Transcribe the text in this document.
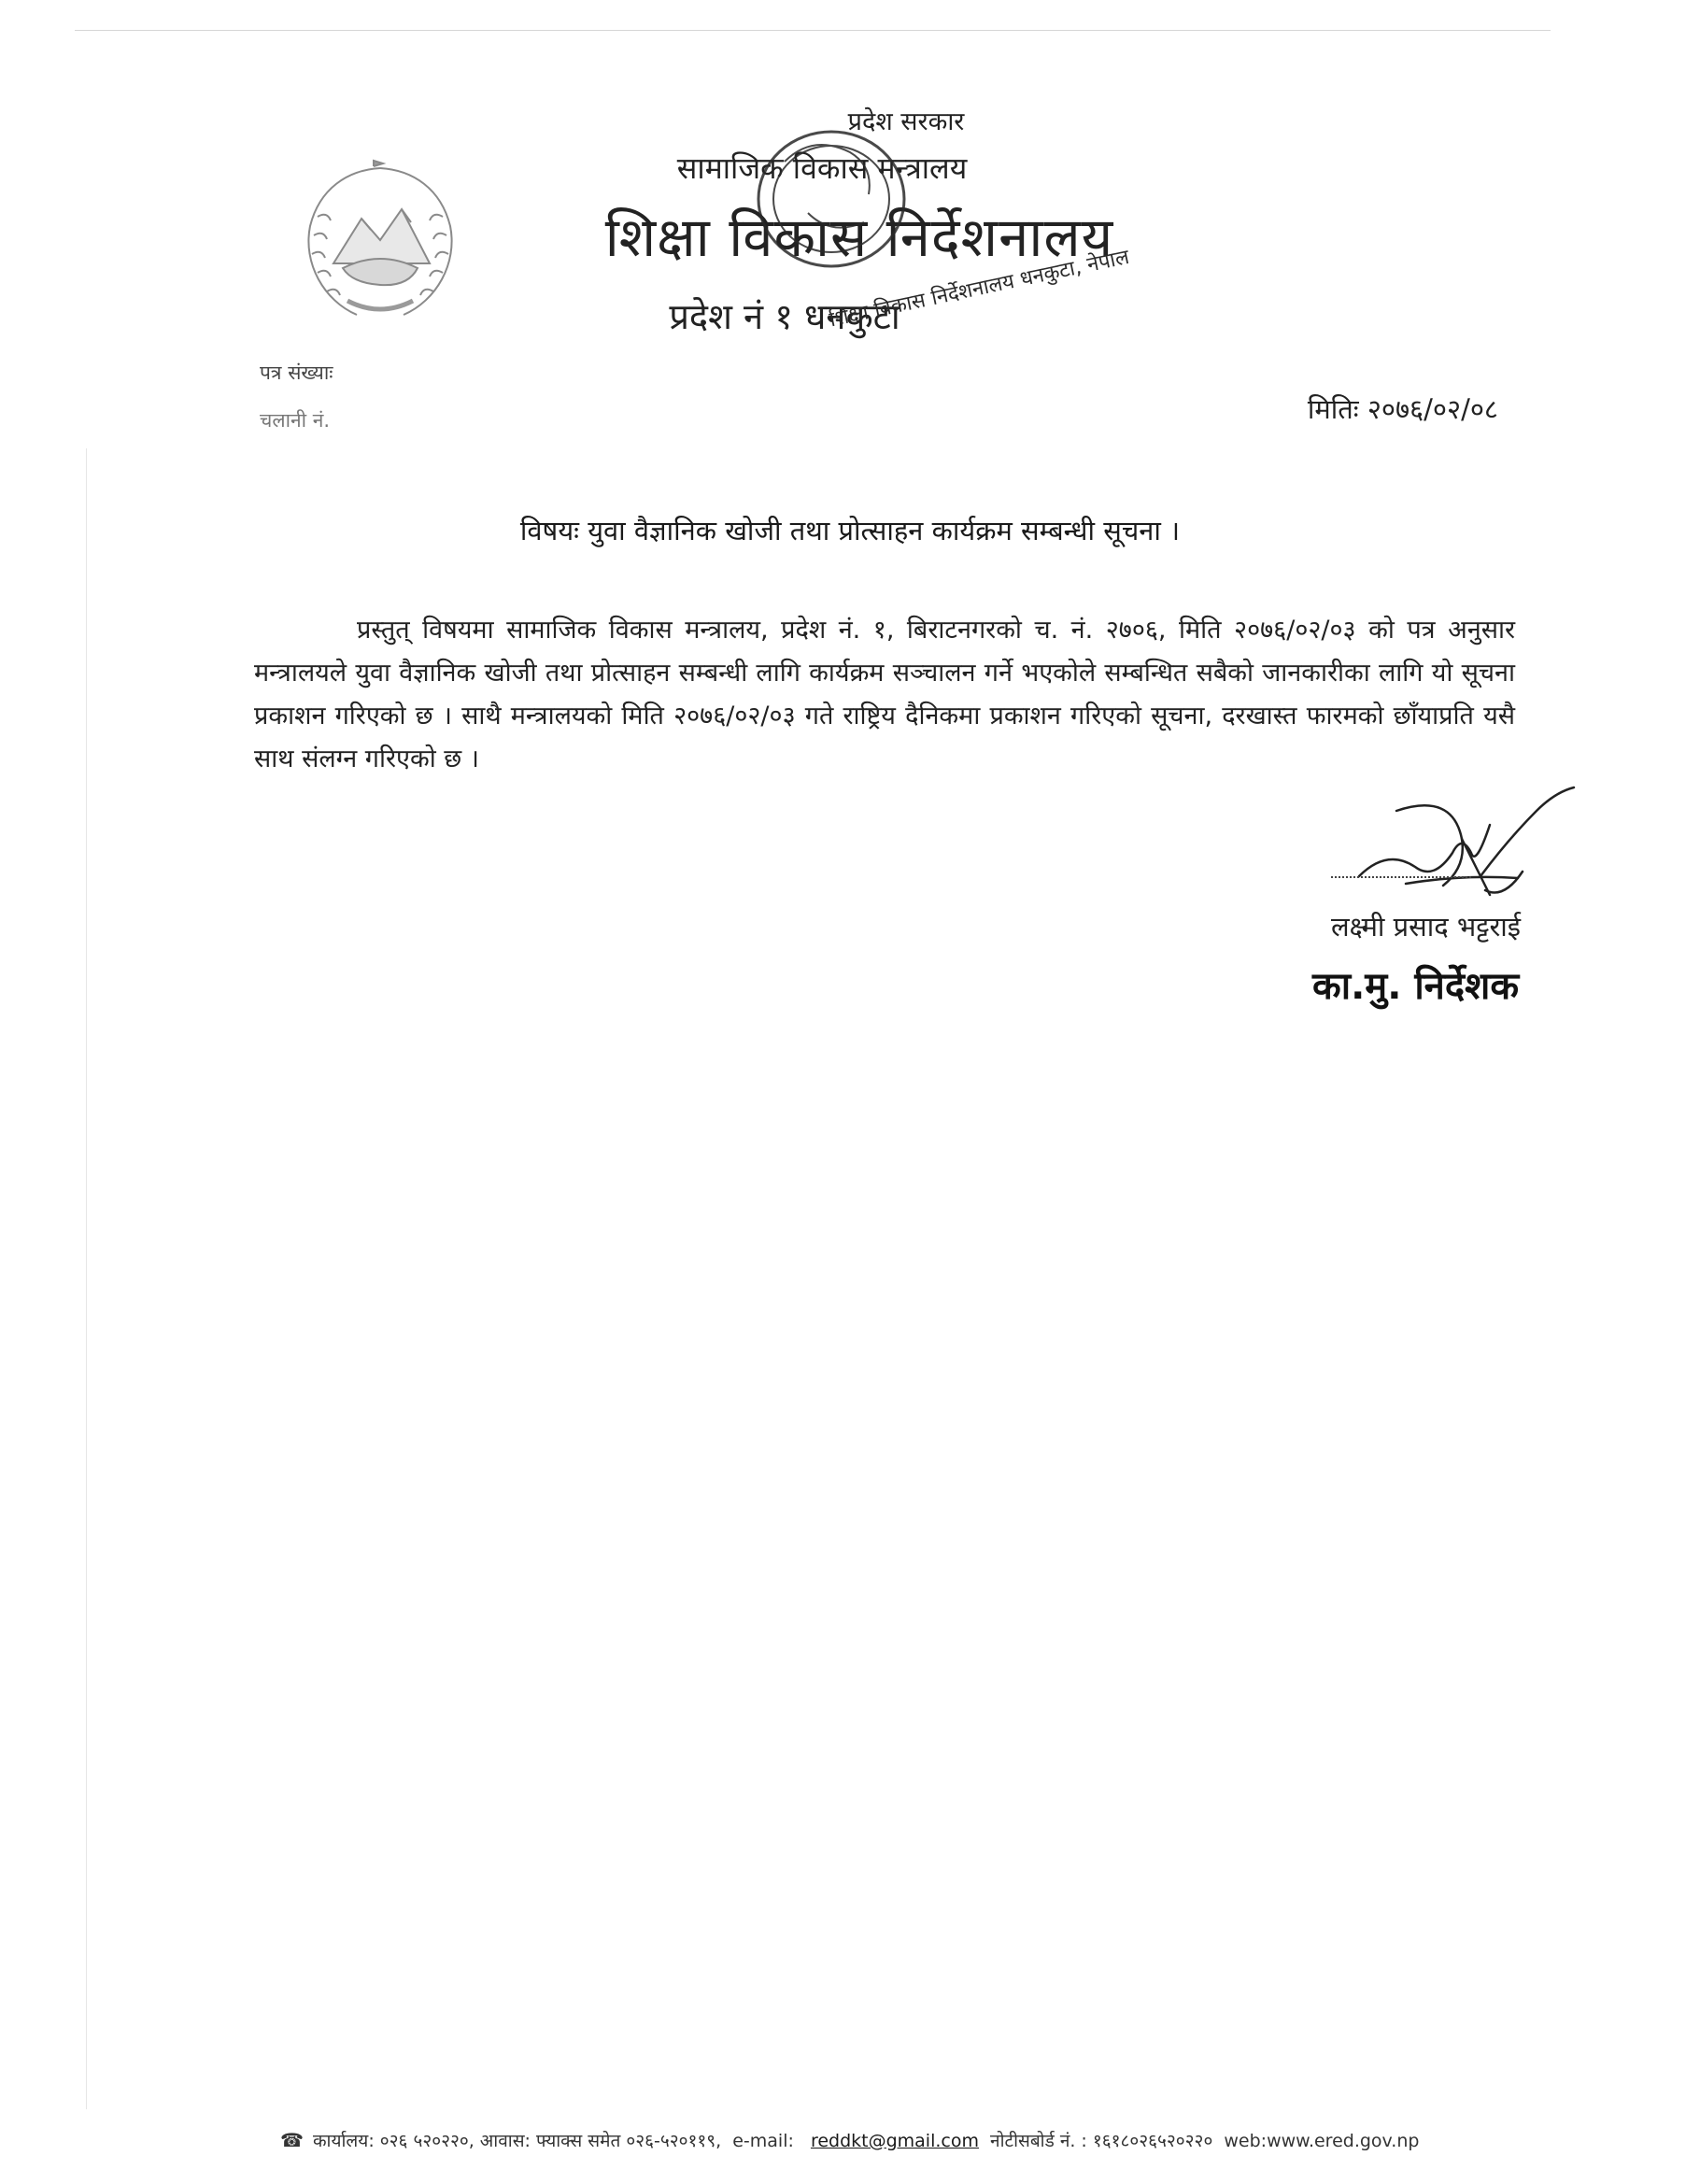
प्रदेश सरकार
सामाजिक विकास मन्त्रालय
शिक्षा विकास निर्देशनालय
प्रदेश नं १ धनकुटा
शिक्षा विकास निर्देशनालय धनकुटा, नेपाल
पत्र संख्याः
चलानी नं.	मितिः २०७६/०२/०८
विषयः युवा वैज्ञानिक खोजी तथा प्रोत्साहन कार्यक्रम सम्बन्धी सूचना ।
प्रस्तुत् विषयमा सामाजिक विकास मन्त्रालय, प्रदेश नं. १, बिराटनगरको च. नं. २७०६, मिति २०७६/०२/०३ को पत्र अनुसार मन्त्रालयले युवा वैज्ञानिक खोजी तथा प्रोत्साहन सम्बन्धी लागि कार्यक्रम सञ्चालन गर्ने भएकोले सम्बन्धित सबैको जानकारीका लागि यो सूचना प्रकाशन गरिएको छ । साथै मन्त्रालयको मिति २०७६/०२/०३ गते राष्ट्रिय दैनिकमा प्रकाशन गरिएको सूचना, दरखास्त फारमको छाँयाप्रति यसै साथ संलग्न गरिएको छ ।
लक्ष्मी प्रसाद भट्टराई
का.मु. निर्देशक
☎ कार्यालय: ०२६ ५२०२२०, आवास: फ्याक्स समेत ०२६-५२०११९, e-mail: reddkt@gmail.com नोटीसबोर्ड नं. : १६१८०२६५२०२२० web:www.ered.gov.np
